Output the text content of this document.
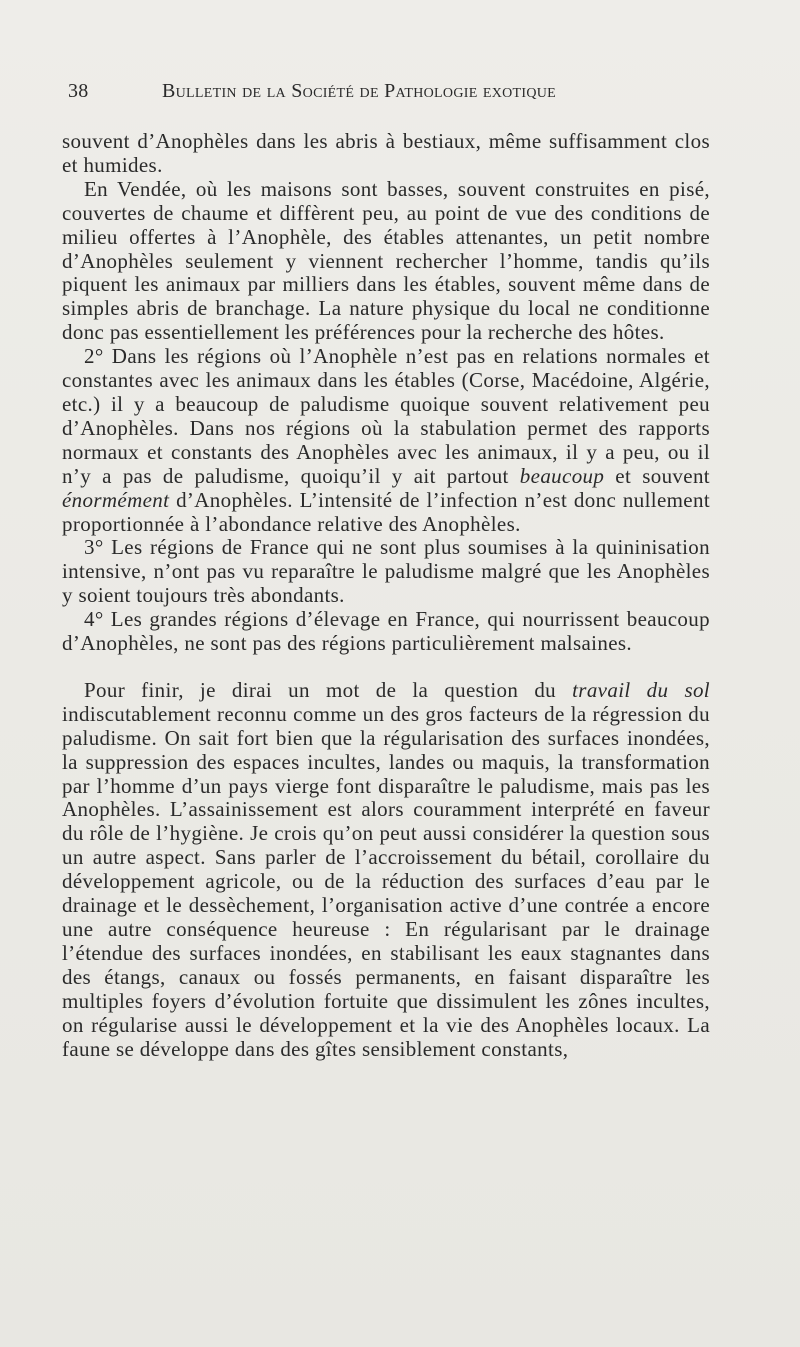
38	Bulletin de la Société de Pathologie exotique

souvent d’Anophèles dans les abris à bestiaux, même suffisamment clos et humides.

En Vendée, où les maisons sont basses, souvent construites en pisé, couvertes de chaume et diffèrent peu, au point de vue des conditions de milieu offertes à l’Anophèle, des étables attenantes, un petit nombre d’Anophèles seulement y viennent rechercher l’homme, tandis qu’ils piquent les animaux par milliers dans les étables, souvent même dans de simples abris de branchage. La nature physique du local ne conditionne donc pas essentiellement les préférences pour la recherche des hôtes.

2° Dans les régions où l’Anophèle n’est pas en relations normales et constantes avec les animaux dans les étables (Corse, Macédoine, Algérie, etc.) il y a beaucoup de paludisme quoique souvent relativement peu d’Anophèles. Dans nos régions où la stabulation permet des rapports normaux et constants des Anophèles avec les animaux, il y a peu, ou il n’y a pas de paludisme, quoiqu’il y ait partout beaucoup et souvent énormément d’Anophèles. L’intensité de l’infection n’est donc nullement proportionnée à l’abondance relative des Anophèles.

3° Les régions de France qui ne sont plus soumises à la quininisation intensive, n’ont pas vu reparaître le paludisme malgré que les Anophèles y soient toujours très abondants.

4° Les grandes régions d’élevage en France, qui nourrissent beaucoup d’Anophèles, ne sont pas des régions particulièrement malsaines.

Pour finir, je dirai un mot de la question du travail du sol indiscutablement reconnu comme un des gros facteurs de la régression du paludisme. On sait fort bien que la régularisation des surfaces inondées, la suppression des espaces incultes, landes ou maquis, la transformation par l’homme d’un pays vierge font disparaître le paludisme, mais pas les Anophèles. L’assainissement est alors couramment interprété en faveur du rôle de l’hygiène. Je crois qu’on peut aussi considérer la question sous un autre aspect. Sans parler de l’accroissement du bétail, corollaire du développement agricole, ou de la réduction des surfaces d’eau par le drainage et le dessèchement, l’organisation active d’une contrée a encore une autre conséquence heureuse : En régularisant par le drainage l’étendue des surfaces inondées, en stabilisant les eaux stagnantes dans des étangs, canaux ou fossés permanents, en faisant disparaître les multiples foyers d’évolution fortuite que dissimulent les zônes incultes, on régularise aussi le développement et la vie des Anophèles locaux. La faune se développe dans des gîtes sensiblement constants,
